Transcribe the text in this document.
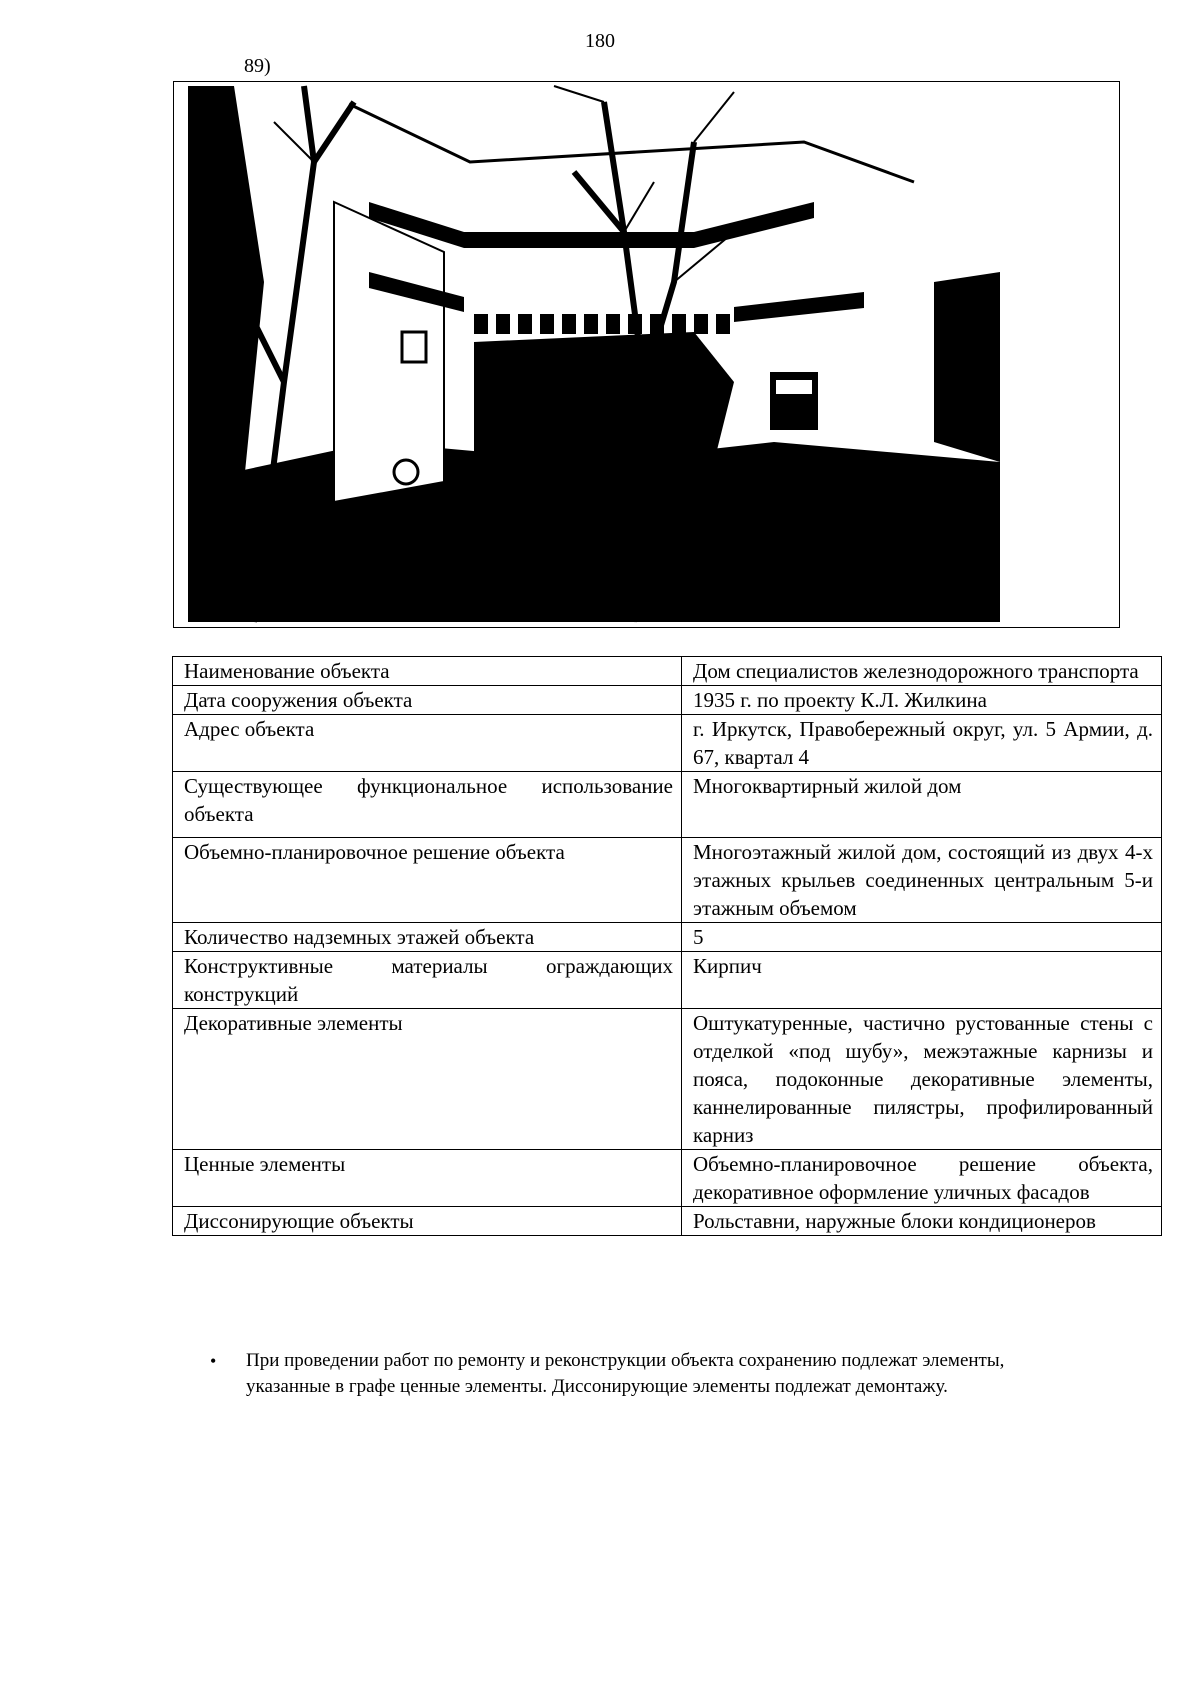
180
89)
Наименование объекта	Дом специалистов железнодорожного транспорта
Дата сооружения объекта	1935 г. по проекту К.Л. Жилкина
Адрес объекта	г. Иркутск, Правобережный округ, ул. 5 Армии, д. 67, квартал 4
Существующее функциональное использование объекта	Многоквартирный жилой дом
Объемно-планировочное решение объекта	Многоэтажный жилой дом, состоящий из двух 4-х этажных крыльев соединенных центральным 5-и этажным объемом
Количество надземных этажей объекта	5
Конструктивные материалы ограждающих конструкций	Кирпич
Декоративные элементы	Оштукатуренные, частично рустованные стены с отделкой «под шубу», межэтажные карнизы и пояса, подоконные декоративные элементы, каннелированные пилястры, профилированный карниз
Ценные элементы	Объемно-планировочное решение объекта, декоративное оформление уличных фасадов
Диссонирующие объекты	Рольставни, наружные блоки кондиционеров
• При проведении работ по ремонту и реконструкции объекта сохранению подлежат элементы, указанные в графе ценные элементы. Диссонирующие элементы подлежат демонтажу.
